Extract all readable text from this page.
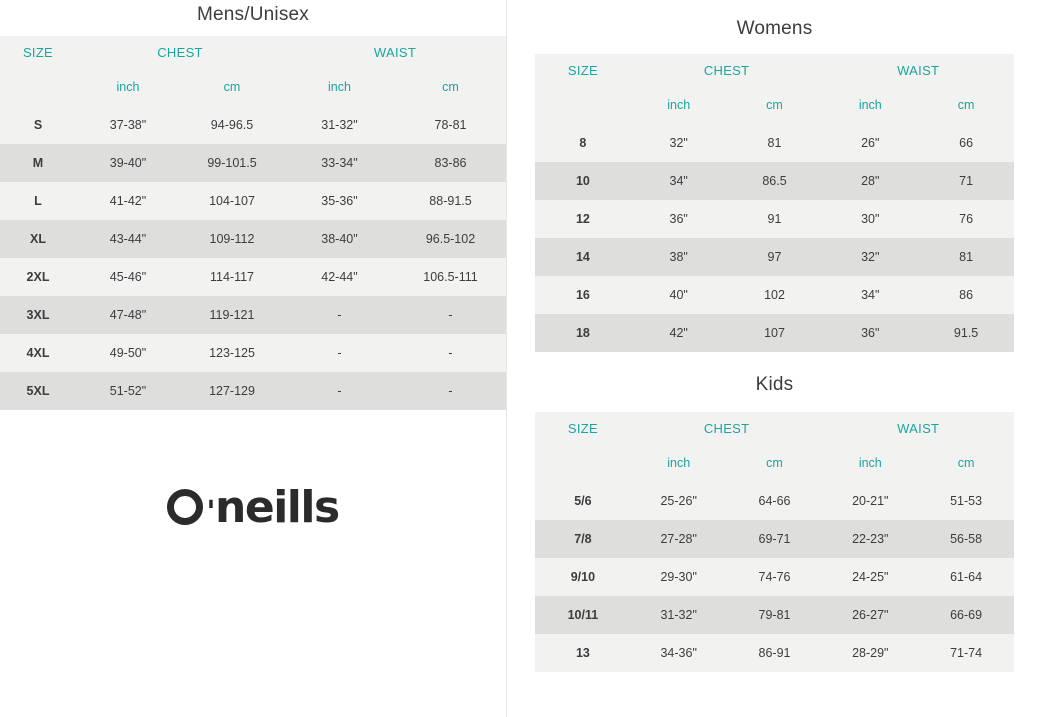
Mens/Unisex
SIZE	CHEST		WAIST	
	inch	cm	inch	cm
S	37-38"	94-96.5	31-32"	78-81
M	39-40"	99-101.5	33-34"	83-86
L	41-42"	104-107	35-36"	88-91.5
XL	43-44"	109-112	38-40"	96.5-102
2XL	45-46"	114-117	42-44"	106.5-111
3XL	47-48"	119-121	-	-
4XL	49-50"	123-125	-	-
5XL	51-52"	127-129	-	-
' neills
Womens
SIZE	CHEST		WAIST	
	inch	cm	inch	cm
8	32"	81	26"	66
10	34"	86.5	28"	71
12	36"	91	30"	76
14	38"	97	32"	81
16	40"	102	34"	86
18	42"	107	36"	91.5
Kids
SIZE	CHEST		WAIST	
	inch	cm	inch	cm
5/6	25-26"	64-66	20-21"	51-53
7/8	27-28"	69-71	22-23"	56-58
9/10	29-30"	74-76	24-25"	61-64
10/11	31-32"	79-81	26-27"	66-69
13	34-36"	86-91	28-29"	71-74
